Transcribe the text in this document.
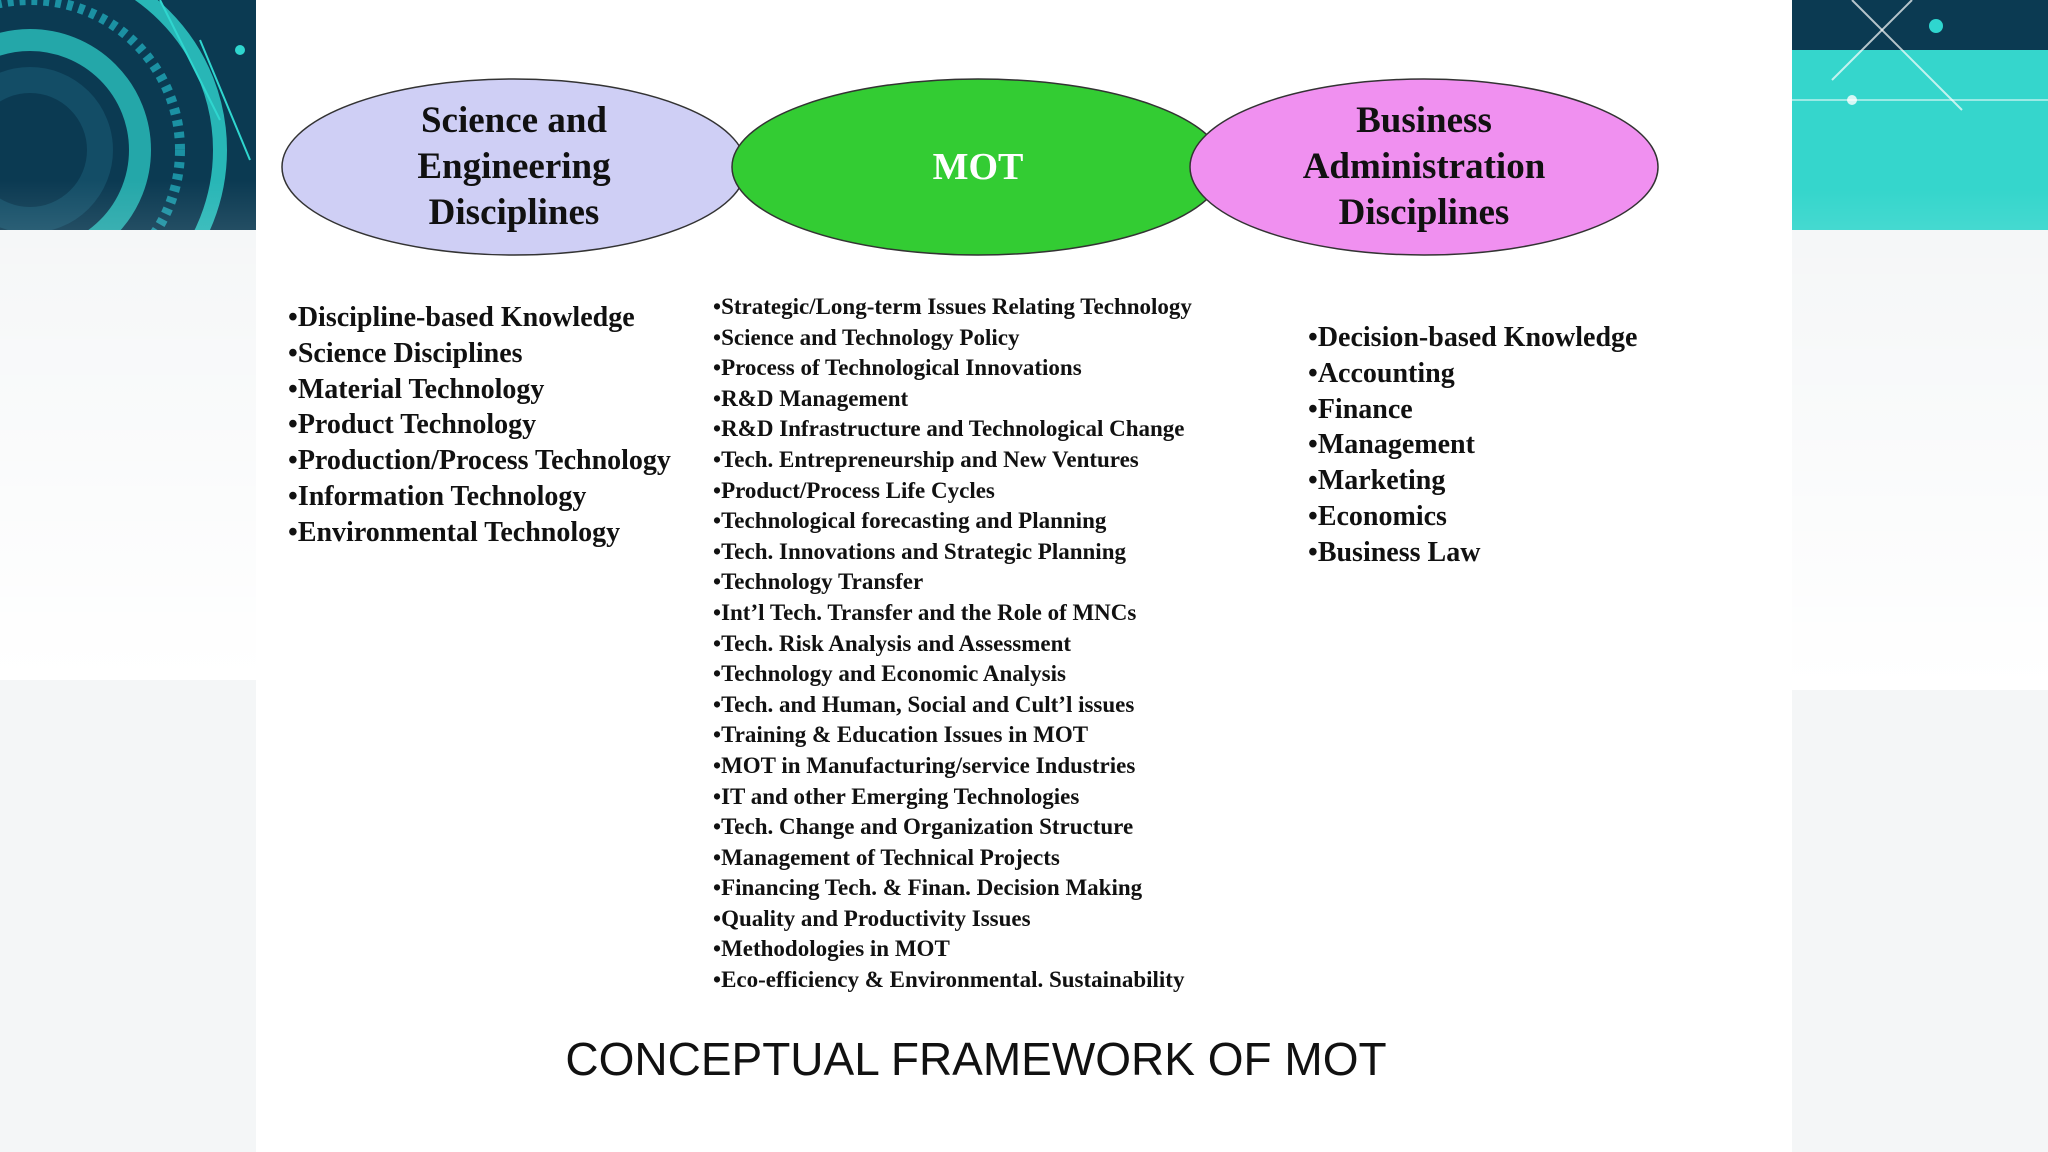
Science and
Engineering
Disciplines
MOT
Business
Administration
Disciplines
• Discipline-based Knowledge
• Science Disciplines
• Material Technology
• Product Technology
• Production/Process Technology
• Information Technology
• Environmental Technology
• Strategic/Long-term Issues Relating Technology
• Science and Technology Policy
• Process of Technological Innovations
• R&D Management
• R&D Infrastructure and Technological Change
• Tech. Entrepreneurship and New Ventures
• Product/Process Life Cycles
• Technological forecasting and Planning
• Tech. Innovations and Strategic Planning
• Technology Transfer
• Int’l Tech. Transfer and the Role of MNCs
• Tech. Risk Analysis and Assessment
• Technology and Economic Analysis
• Tech. and Human, Social and Cult’l issues
• Training & Education Issues in MOT
• MOT in Manufacturing/service Industries
• IT and other Emerging Technologies
• Tech. Change and Organization Structure
• Management of Technical Projects
• Financing Tech. & Finan. Decision Making
• Quality and Productivity Issues
• Methodologies in MOT
• Eco-efficiency & Environmental. Sustainability
• Decision-based Knowledge
• Accounting
• Finance
• Management
• Marketing
• Economics
• Business Law
CONCEPTUAL FRAMEWORK OF MOT
